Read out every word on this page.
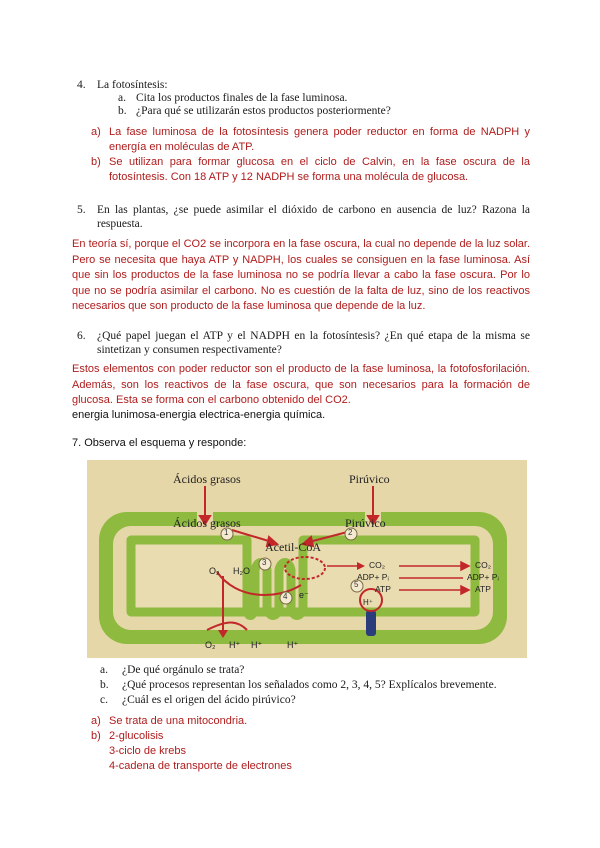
4. La fotosíntesis:
a. Cita los productos finales de la fase luminosa.
b. ¿Para qué se utilizarán estos productos posteriormente?
a) La fase luminosa de la fotosíntesis genera poder reductor en forma de NADPH y energía en moléculas de ATP.
b) Se utilizan para formar glucosa en el ciclo de Calvin, en la fase oscura de la fotosíntesis. Con 18 ATP y 12 NADPH se forma una molécula de glucosa.
5. En las plantas, ¿se puede asimilar el dióxido de carbono en ausencia de luz? Razona la respuesta.
En teoría sí, porque el CO2 se incorpora en la fase oscura, la cual no depende de la luz solar. Pero se necesita que haya ATP y NADPH, los cuales se consiguen en la fase luminosa. Así que sin los productos de la fase luminosa no se podría llevar a cabo la fase oscura. Por lo que no se podría asimilar el carbono. No es cuestión de la falta de luz, sino de los reactivos necesarios que son producto de la fase luminosa que depende de la luz.
6. ¿Qué papel juegan el ATP y el NADPH en la fotosíntesis? ¿En qué etapa de la misma se sintetizan y consumen respectivamente?
Estos elementos con poder reductor son el producto de la fase luminosa, la fotofosforilación. Además, son los reactivos de la fase oscura, que son necesarios para la formación de glucosa. Esta se forma con el carbono obtenido del CO2.
energia lunimosa-energia electrica-energia química.
7. Observa el esquema y responde:
Ácidos grasos	Pirúvico
Ácidos grasos	Pirúvico
Acetil-CoA
1	2
3
4
5
O₂ H₂O
e⁻
O₂ H⁺ H⁺	H⁺
H⁺
CO₂
ADP+ Pᵢ
ATP
CO₂
ADP+ Pᵢ
ATP
a. ¿De qué orgánulo se trata?
b. ¿Qué procesos representan los señalados como 2, 3, 4, 5? Explícalos brevemente.
c. ¿Cuál es el origen del ácido pirúvico?
a) Se trata de una mitocondria.
b) 2-glucolisis
3-ciclo de krebs
4-cadena de transporte de electrones
